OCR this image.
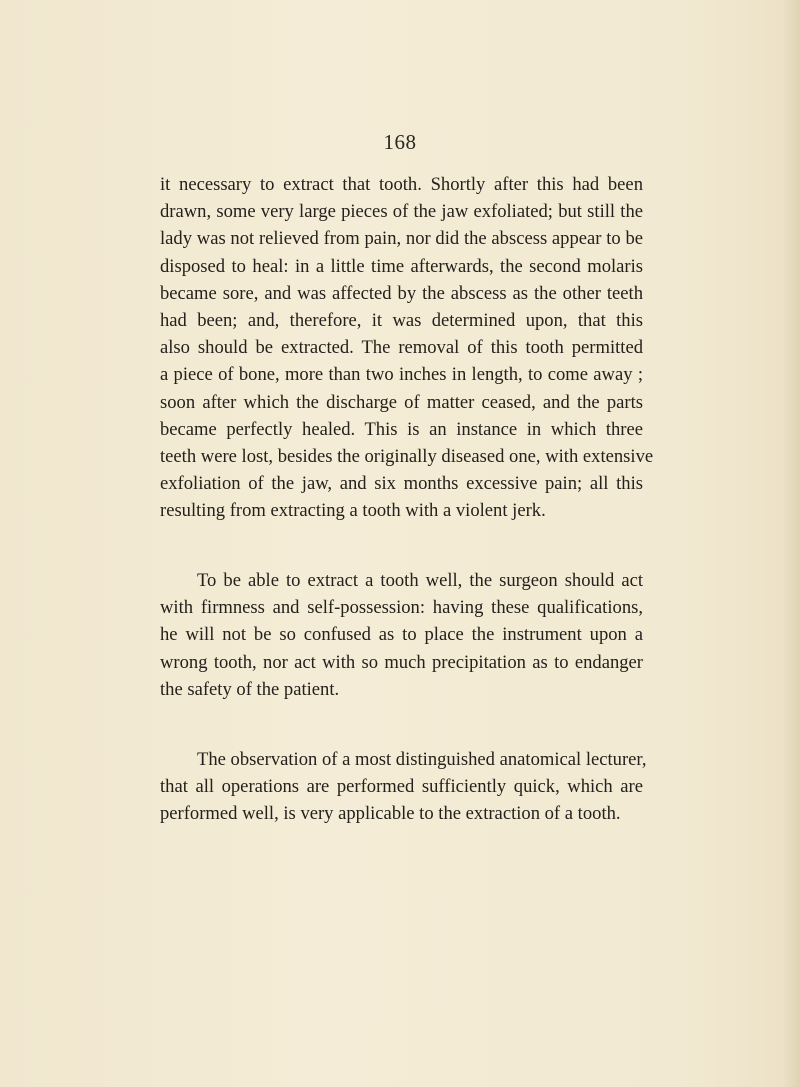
168
it necessary to extract that tooth. Shortly after this had been
drawn, some very large pieces of the jaw exfoliated; but still the
lady was not relieved from pain, nor did the abscess appear to be
disposed to heal: in a little time afterwards, the second molaris
became sore, and was affected by the abscess as the other teeth
had been; and, therefore, it was determined upon, that this
also should be extracted. The removal of this tooth permitted
a piece of bone, more than two inches in length, to come away ;
soon after which the discharge of matter ceased, and the parts
became perfectly healed. This is an instance in which three
teeth were lost, besides the originally diseased one, with extensive
exfoliation of the jaw, and six months excessive pain; all this
resulting from extracting a tooth with a violent jerk.
To be able to extract a tooth well, the surgeon should act
with firmness and self-possession: having these qualifications,
he will not be so confused as to place the instrument upon a
wrong tooth, nor act with so much precipitation as to endanger
the safety of the patient.
The observation of a most distinguished anatomical lecturer,
that all operations are performed sufficiently quick, which are
performed well, is very applicable to the extraction of a tooth.
